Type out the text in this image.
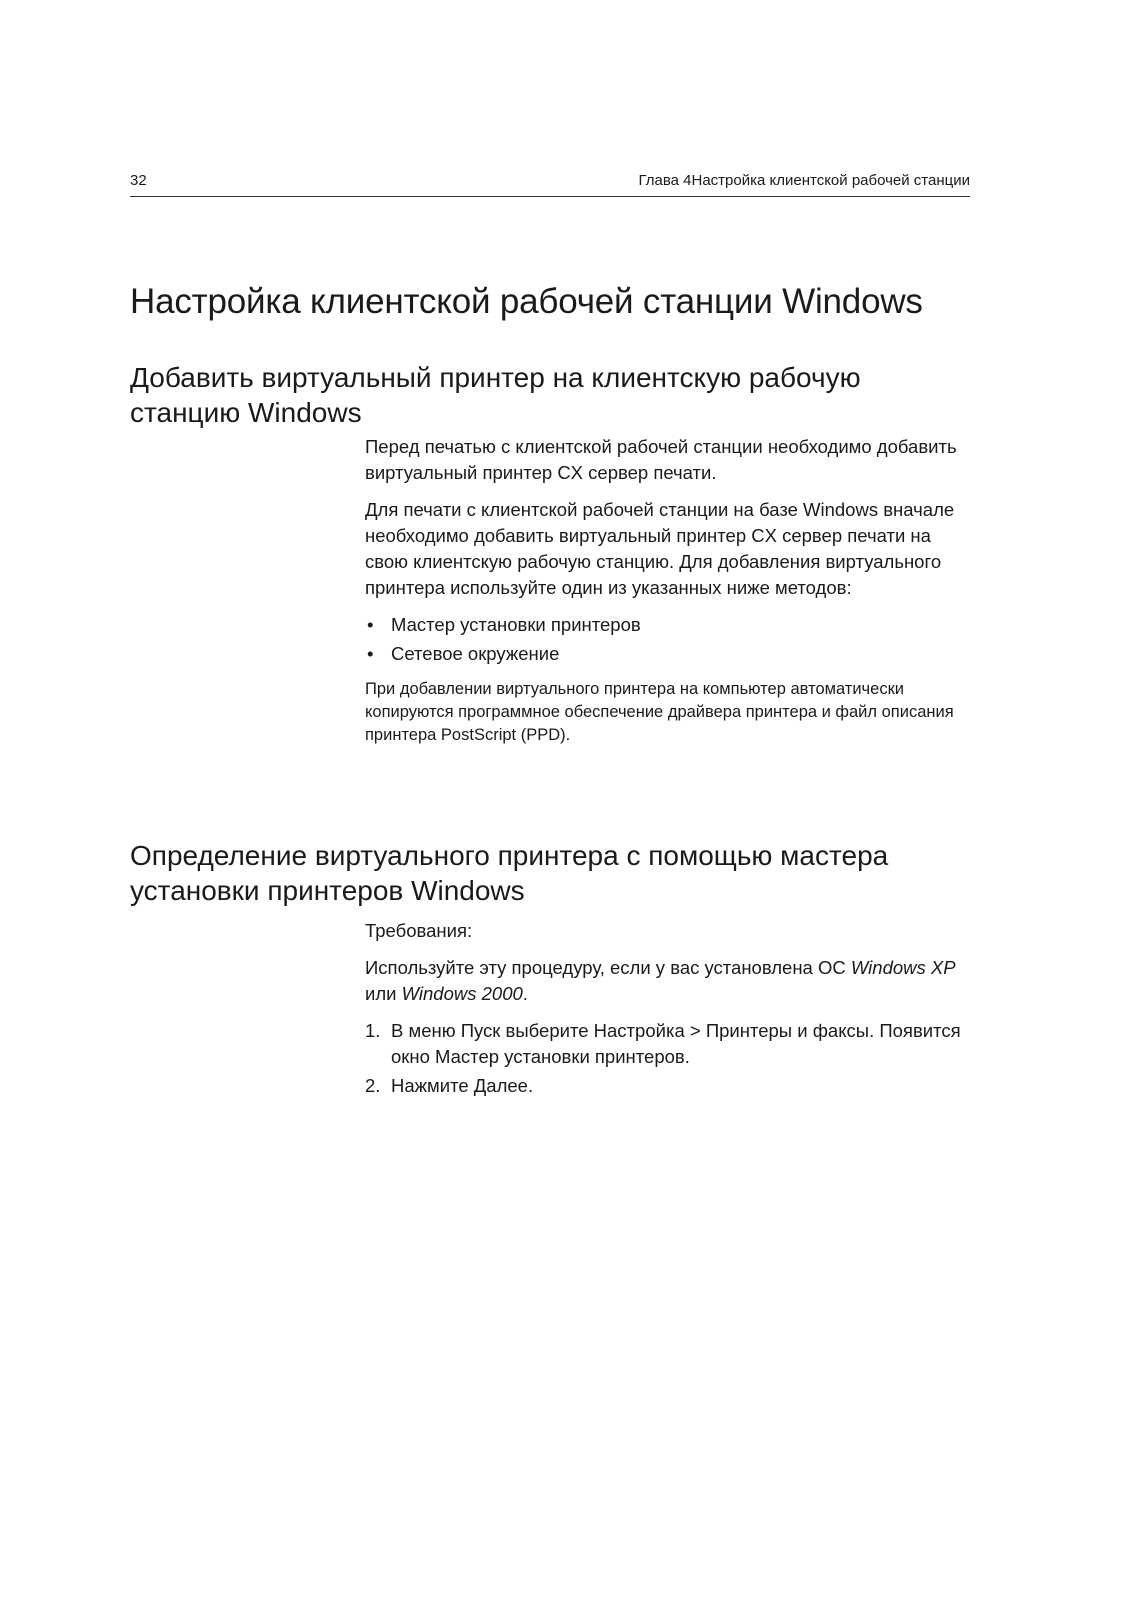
32	Глава 4Настройка клиентской рабочей станции
Настройка клиентской рабочей станции Windows
Добавить виртуальный принтер на клиентскую рабочую станцию Windows

Перед печатью с клиентской рабочей станции необходимо добавить виртуальный принтер CX сервер печати.

Для печати с клиентской рабочей станции на базе Windows вначале необходимо добавить виртуальный принтер CX сервер печати на свою клиентскую рабочую станцию. Для добавления виртуального принтера используйте один из указанных ниже методов:

• Мастер установки принтеров
• Сетевое окружение

При добавлении виртуального принтера на компьютер автоматически копируются программное обеспечение драйвера принтера и файл описания принтера PostScript (PPD).

Определение виртуального принтера с помощью мастера установки принтеров Windows

Требования:

Используйте эту процедуру, если у вас установлена ОС Windows XP или Windows 2000.

1. В меню Пуск выберите Настройка > Принтеры и факсы. Появится окно Мастер установки принтеров.
2. Нажмите Далее.
